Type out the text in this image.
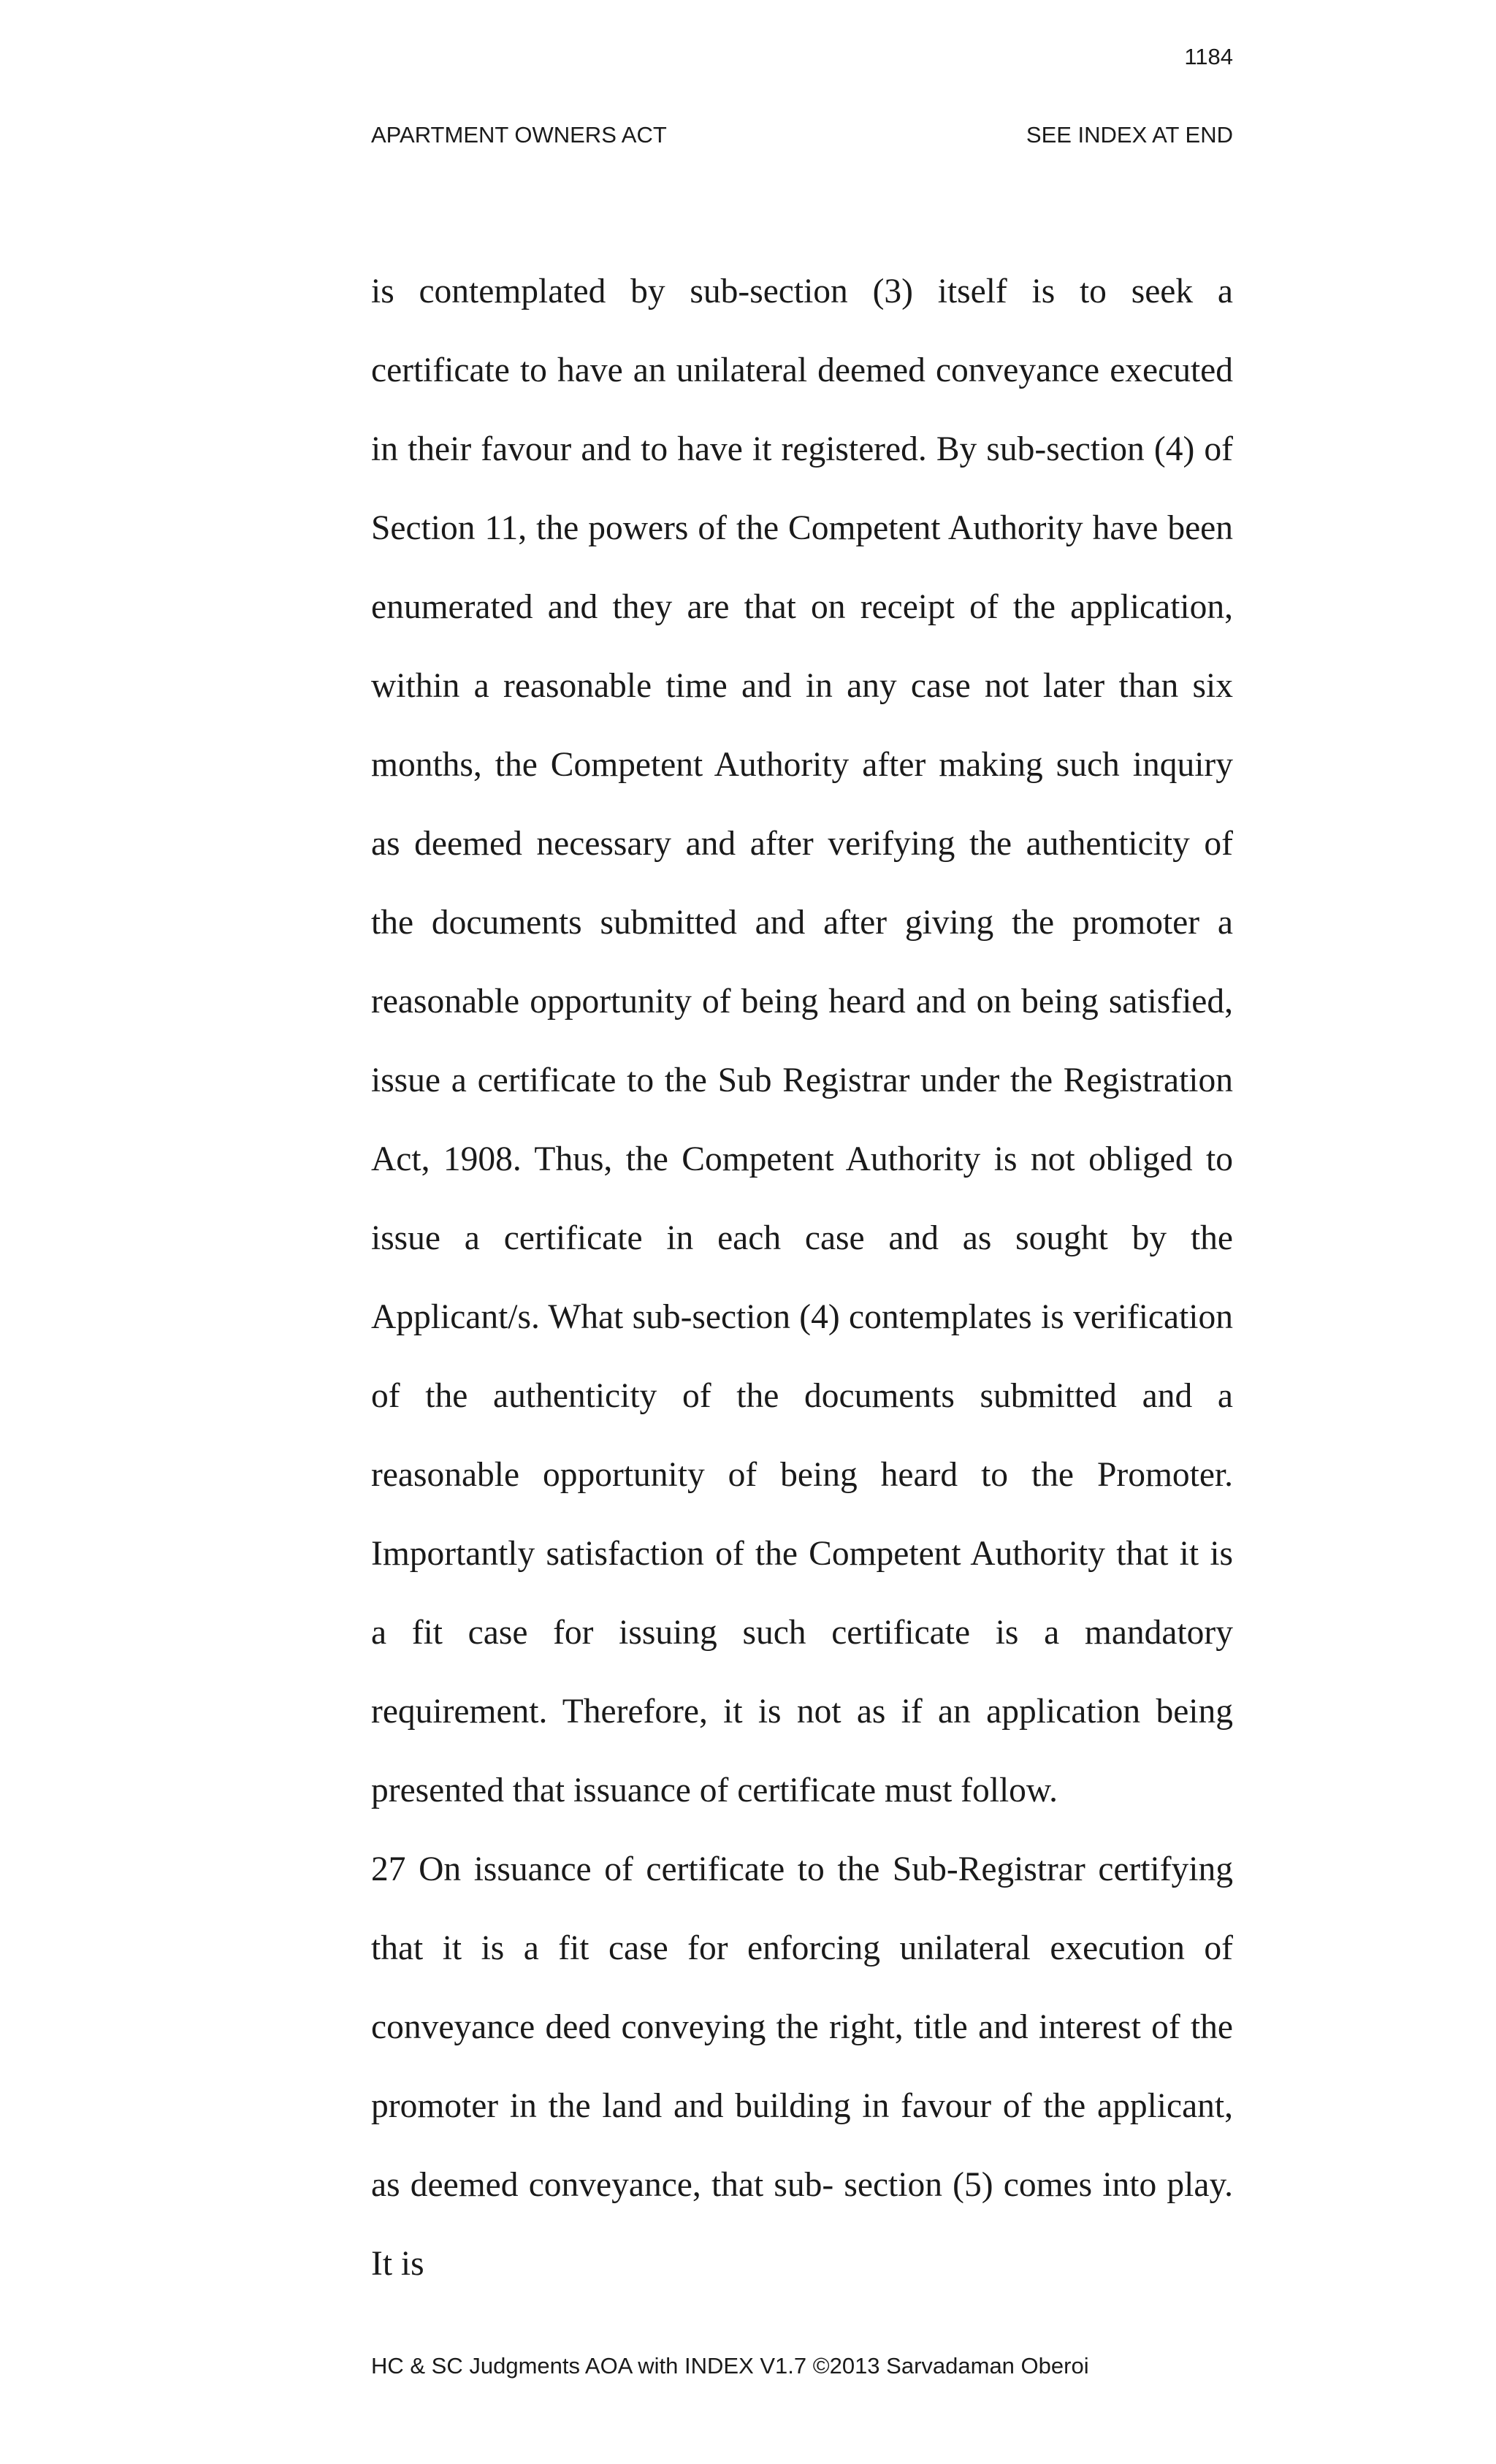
1184
APARTMENT OWNERS ACT	SEE INDEX AT END

is contemplated by sub-section (3) itself is to seek a certificate to have an unilateral deemed conveyance executed in their favour and to have it registered. By sub-section (4) of Section 11, the powers of the Competent Authority have been enumerated and they are that on receipt of the application, within a reasonable time and in any case not later than six months, the Competent Authority after making such inquiry as deemed necessary and after verifying the authenticity of the documents submitted and after giving the promoter a reasonable opportunity of being heard and on being satisfied, issue a certificate to the Sub Registrar under the Registration Act, 1908. Thus, the Competent Authority is not obliged to issue a certificate in each case and as sought by the Applicant/s. What sub-section (4) contemplates is verification of the authenticity of the documents submitted and a reasonable opportunity of being heard to the Promoter. Importantly satisfaction of the Competent Authority that it is a fit case for issuing such certificate is a mandatory requirement. Therefore, it is not as if an application being presented that issuance of certificate must follow.

27 On issuance of certificate to the Sub-Registrar certifying that it is a fit case for enforcing unilateral execution of conveyance deed conveying the right, title and interest of the promoter in the land and building in favour of the applicant, as deemed conveyance, that sub- section (5) comes into play. It is

HC & SC Judgments AOA with INDEX V1.7 ©2013 Sarvadaman Oberoi
